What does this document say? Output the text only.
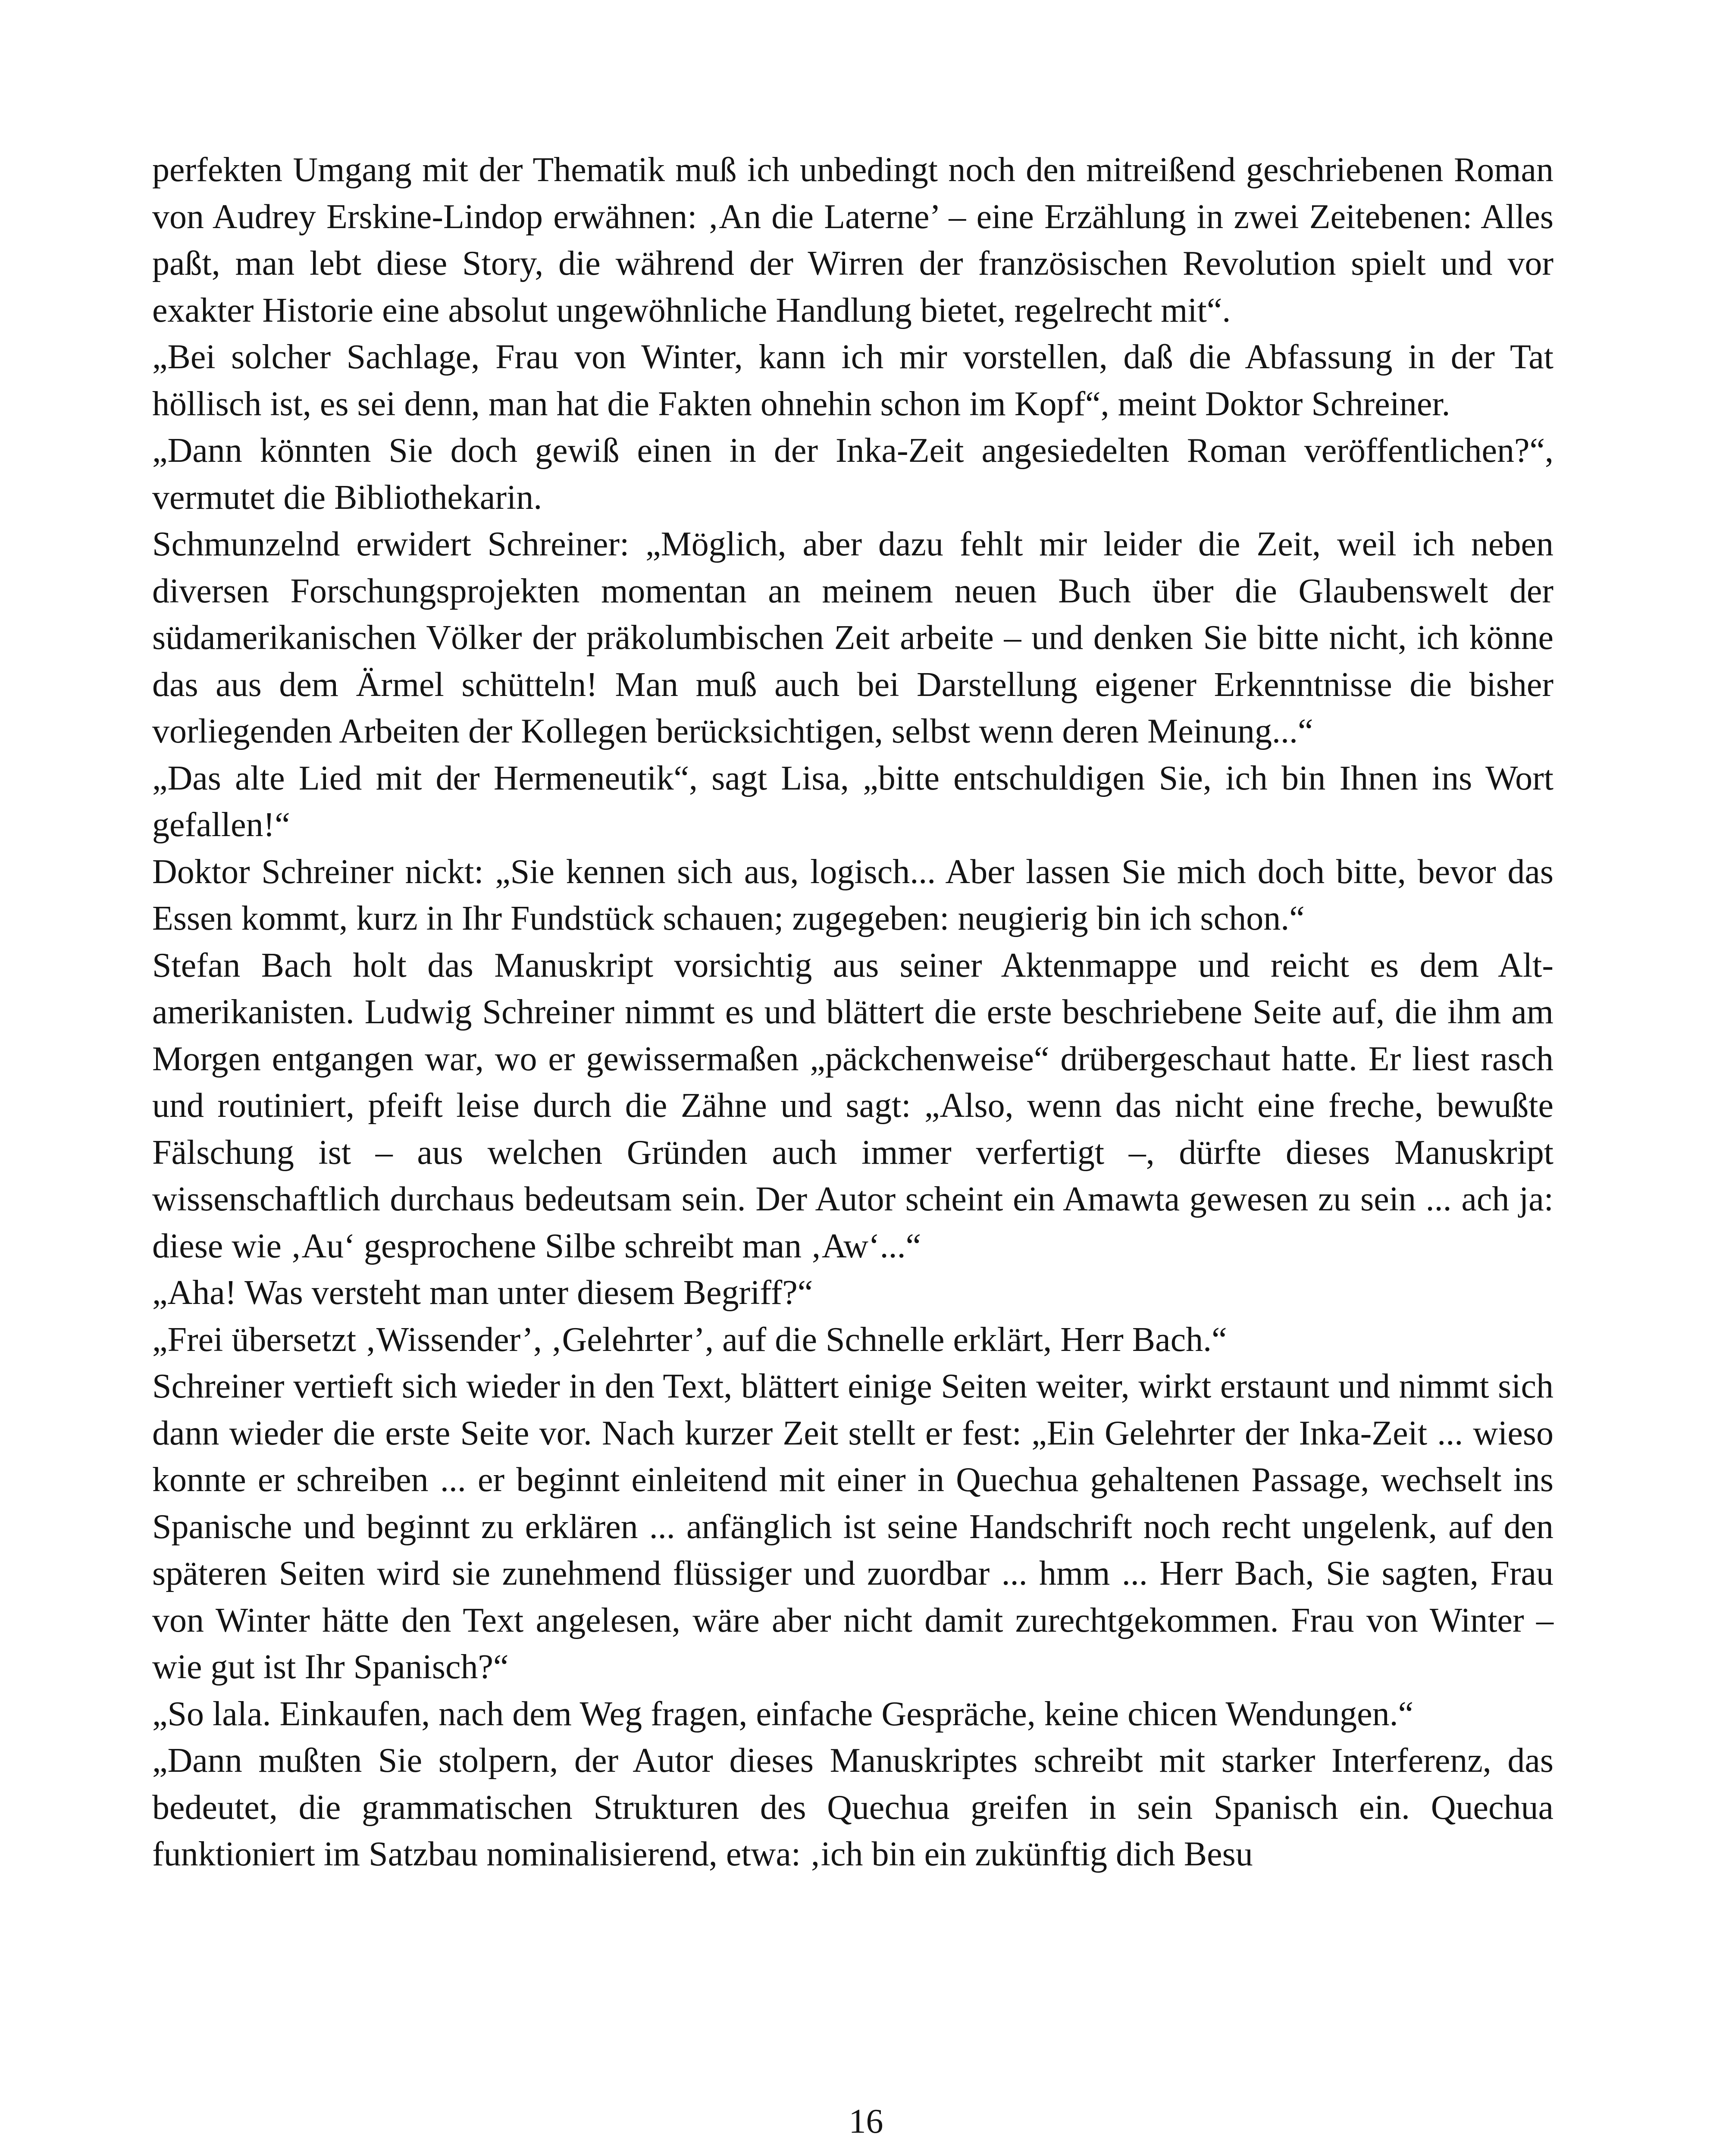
perfekten Umgang mit der Thematik muß ich unbedingt noch den mitreißend geschriebenen Roman von Audrey Erskine-Lindop erwähnen: ‚An die Laterne’ – eine Erzählung in zwei Zeitebenen: Alles paßt, man lebt diese Story, die während der Wirren der französischen Revolution spielt und vor exakter Historie eine absolut ungewöhnliche Handlung bietet, regelrecht mit“.

„Bei solcher Sachlage, Frau von Winter, kann ich mir vorstellen, daß die Abfassung in der Tat höllisch ist, es sei denn, man hat die Fakten ohnehin schon im Kopf“, meint Doktor Schreiner.

„Dann könnten Sie doch gewiß einen in der Inka-Zeit angesiedelten Roman veröffentlichen?“, vermutet die Bibliothekarin.

Schmunzelnd erwidert Schreiner: „Möglich, aber dazu fehlt mir leider die Zeit, weil ich neben diversen Forschungsprojekten momentan an meinem neuen Buch über die Glaubenswelt der südamerikanischen Völker der präkolumbischen Zeit arbeite – und denken Sie bitte nicht, ich könne das aus dem Ärmel schütteln! Man muß auch bei Darstellung eigener Erkenntnisse die bisher vorliegenden Arbeiten der Kollegen berücksichtigen, selbst wenn deren Meinung...“

„Das alte Lied mit der Hermeneutik“, sagt Lisa, „bitte entschuldigen Sie, ich bin Ihnen ins Wort gefallen!“

Doktor Schreiner nickt: „Sie kennen sich aus, logisch... Aber lassen Sie mich doch bitte, bevor das Essen kommt, kurz in Ihr Fundstück schauen; zugegeben: neugierig bin ich schon.“

Stefan Bach holt das Manuskript vorsichtig aus seiner Aktenmappe und reicht es dem Altamerikanisten. Ludwig Schreiner nimmt es und blättert die erste beschriebene Seite auf, die ihm am Morgen entgangen war, wo er gewissermaßen „päckchenweise“ drübergeschaut hatte. Er liest rasch und routiniert, pfeift leise durch die Zähne und sagt: „Also, wenn das nicht eine freche, bewußte Fälschung ist – aus welchen Gründen auch immer verfertigt –, dürfte dieses Manuskript wissenschaftlich durchaus bedeutsam sein. Der Autor scheint ein Amawta gewesen zu sein ... ach ja: diese wie ‚Au‘ gesprochene Silbe schreibt man ‚Aw‘...“

„Aha! Was versteht man unter diesem Begriff?“

„Frei übersetzt ‚Wissender’, ‚Gelehrter’, auf die Schnelle erklärt, Herr Bach.“

Schreiner vertieft sich wieder in den Text, blättert einige Seiten weiter, wirkt erstaunt und nimmt sich dann wieder die erste Seite vor. Nach kurzer Zeit stellt er fest: „Ein Gelehrter der Inka-Zeit ... wieso konnte er schreiben ... er beginnt einleitend mit einer in Quechua gehaltenen Passage, wechselt ins Spanische und beginnt zu erklären ... anfänglich ist seine Handschrift noch recht ungelenk, auf den späteren Seiten wird sie zunehmend flüssiger und zuordbar ... hmm ... Herr Bach, Sie sagten, Frau von Winter hätte den Text angelesen, wäre aber nicht damit zurechtgekommen. Frau von Winter – wie gut ist Ihr Spanisch?“

„So lala. Einkaufen, nach dem Weg fragen, einfache Gespräche, keine chicen Wendungen.“

„Dann mußten Sie stolpern, der Autor dieses Manuskriptes schreibt mit starker Interferenz, das bedeutet, die grammatischen Strukturen des Quechua greifen in sein Spanisch ein. Quechua funktioniert im Satzbau nominalisierend, etwa: ‚ich bin ein zukünftig dich Besu

16
